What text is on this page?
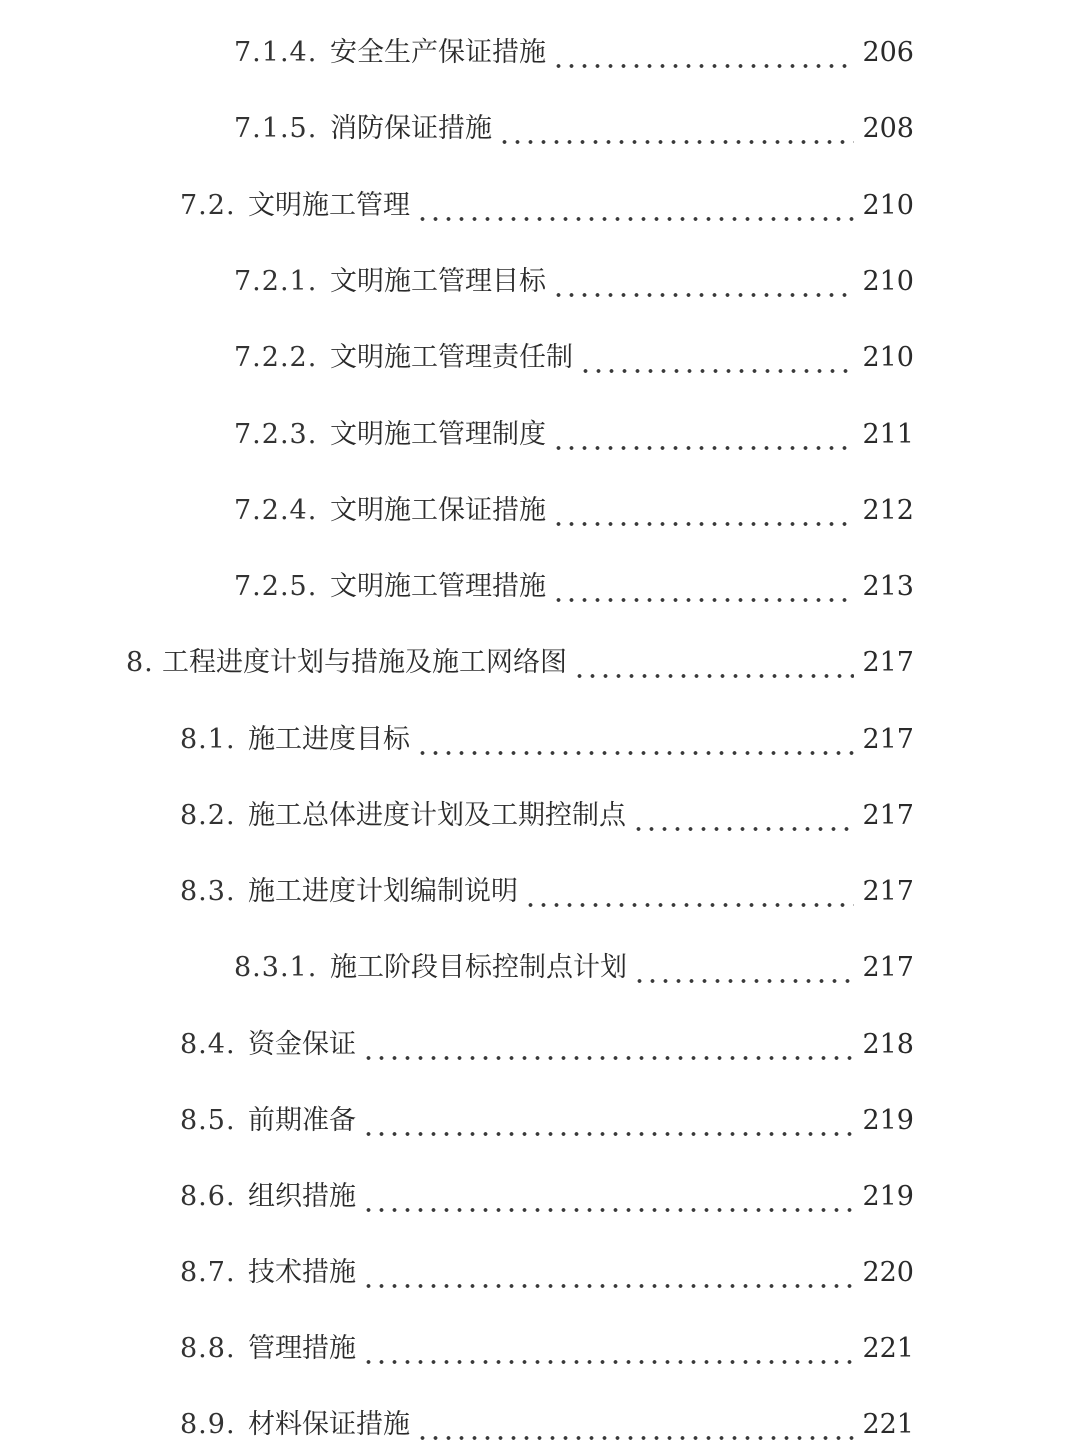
7.1.4. 安全生产保证措施	206
7.1.5. 消防保证措施	208
7.2. 文明施工管理	210
7.2.1. 文明施工管理目标	210
7.2.2. 文明施工管理责任制	210
7.2.3. 文明施工管理制度	211
7.2.4. 文明施工保证措施	212
7.2.5. 文明施工管理措施	213
8. 工程进度计划与措施及施工网络图	217
8.1. 施工进度目标	217
8.2. 施工总体进度计划及工期控制点	217
8.3. 施工进度计划编制说明	217
8.3.1. 施工阶段目标控制点计划	217
8.4. 资金保证	218
8.5. 前期准备	219
8.6. 组织措施	219
8.7. 技术措施	220
8.8. 管理措施	221
8.9. 材料保证措施	221
